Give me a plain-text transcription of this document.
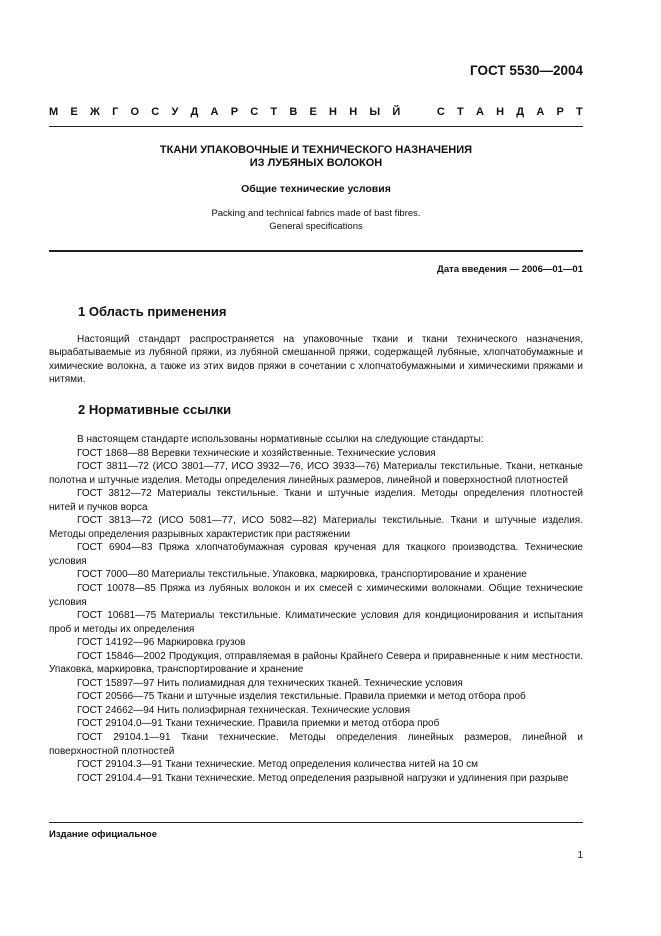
ГОСТ 5530—2004
М Е Ж Г О С У Д А Р С Т В Е Н Н Ы Й	С Т А Н Д А Р Т
ТКАНИ УПАКОВОЧНЫЕ И ТЕХНИЧЕСКОГО НАЗНАЧЕНИЯ
ИЗ ЛУБЯНЫХ ВОЛОКОН
Общие технические условия
Packing and technical fabrics made of bast fibres.
General specifications
Дата введения — 2006—01—01
1 Область применения

Настоящий стандарт распространяется на упаковочные ткани и ткани технического назначения, вырабатываемые из лубяной пряжи, из лубяной смешанной пряжи, содержащей лубяные, хлопчатобумажные и химические волокна, а также из этих видов пряжи в сочетании с хлопчатобумажными и химическими пряжами и нитями.

2 Нормативные ссылки

В настоящем стандарте использованы нормативные ссылки на следующие стандарты:

ГОСТ 1868—88 Веревки технические и хозяйственные. Технические условия

ГОСТ 3811—72 (ИСО 3801—77, ИСО 3932—76, ИСО 3933—76) Материалы текстильные. Ткани, нетканые полотна и штучные изделия. Методы определения линейных размеров, линейной и поверхностной плотностей

ГОСТ 3812—72 Материалы текстильные. Ткани и штучные изделия. Методы определения плотностей нитей и пучков ворса

ГОСТ 3813—72 (ИСО 5081—77, ИСО 5082—82) Материалы текстильные. Ткани и штучные изделия. Методы определения разрывных характеристик при растяжении

ГОСТ 6904—83 Пряжа хлопчатобумажная суровая крученая для ткацкого производства. Технические условия

ГОСТ 7000—80 Материалы текстильные. Упаковка, маркировка, транспортирование и хранение

ГОСТ 10078—85 Пряжа из лубяных волокон и их смесей с химическими волокнами. Общие технические условия

ГОСТ 10681—75 Материалы текстильные. Климатические условия для кондиционирования и испытания проб и методы их определения

ГОСТ 14192—96 Маркировка грузов

ГОСТ 15846—2002 Продукция, отправляемая в районы Крайнего Севера и приравненные к ним местности. Упаковка, маркировка, транспортирование и хранение

ГОСТ 15897—97 Нить полиамидная для технических тканей. Технические условия

ГОСТ 20566—75 Ткани и штучные изделия текстильные. Правила приемки и метод отбора проб

ГОСТ 24662—94 Нить полиэфирная техническая. Технические условия

ГОСТ 29104.0—91 Ткани технические. Правила приемки и метод отбора проб

ГОСТ 29104.1—91 Ткани технические. Методы определения линейных размеров, линейной и поверхностной плотностей

ГОСТ 29104.3—91 Ткани технические. Метод определения количества нитей на 10 см

ГОСТ 29104.4—91 Ткани технические. Метод определения разрывной нагрузки и удлинения при разрыве

Издание официальное
1
